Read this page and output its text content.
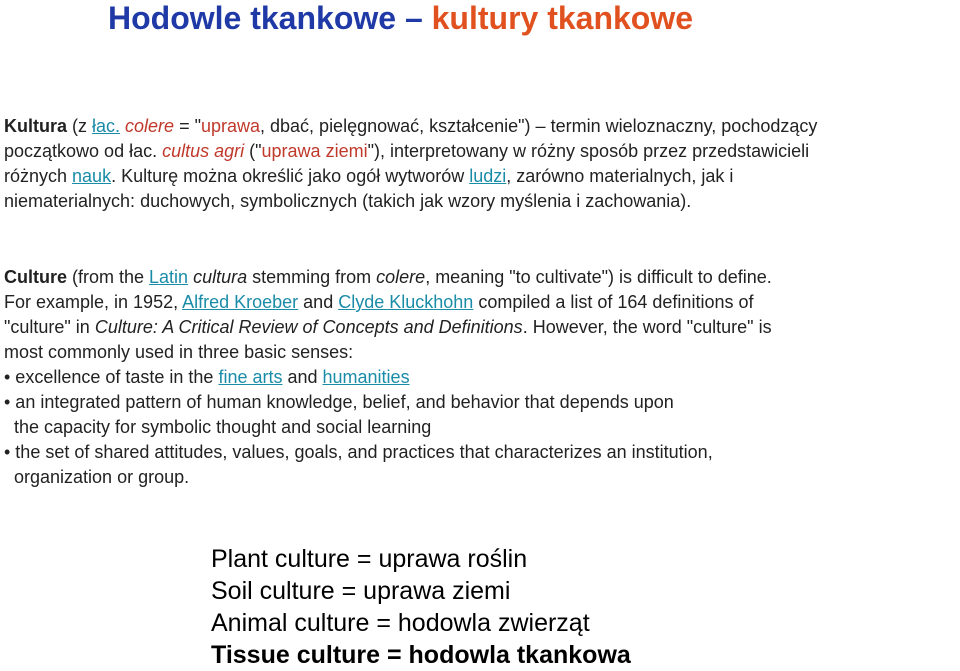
Hodowle tkankowe – kultury tkankowe

Kultura (z łac. colere = "uprawa, dbać, pielęgnować, kształcenie") – termin wieloznaczny, pochodzący
początkowo od łac. cultus agri ("uprawa ziemi"), interpretowany w różny sposób przez przedstawicieli
różnych nauk. Kulturę można określić jako ogół wytworów ludzi, zarówno materialnych, jak i
niematerialnych: duchowych, symbolicznych (takich jak wzory myślenia i zachowania).

Culture (from the Latin cultura stemming from colere, meaning "to cultivate") is difficult to define.
For example, in 1952, Alfred Kroeber and Clyde Kluckhohn compiled a list of 164 definitions of
"culture" in Culture: A Critical Review of Concepts and Definitions. However, the word "culture" is
most commonly used in three basic senses:
• excellence of taste in the fine arts and humanities
• an integrated pattern of human knowledge, belief, and behavior that depends upon
the capacity for symbolic thought and social learning
• the set of shared attitudes, values, goals, and practices that characterizes an institution,
organization or group.

Plant culture = uprawa roślin
Soil culture = uprawa ziemi
Animal culture = hodowla zwierząt
Tissue culture = hodowla tkankowa
